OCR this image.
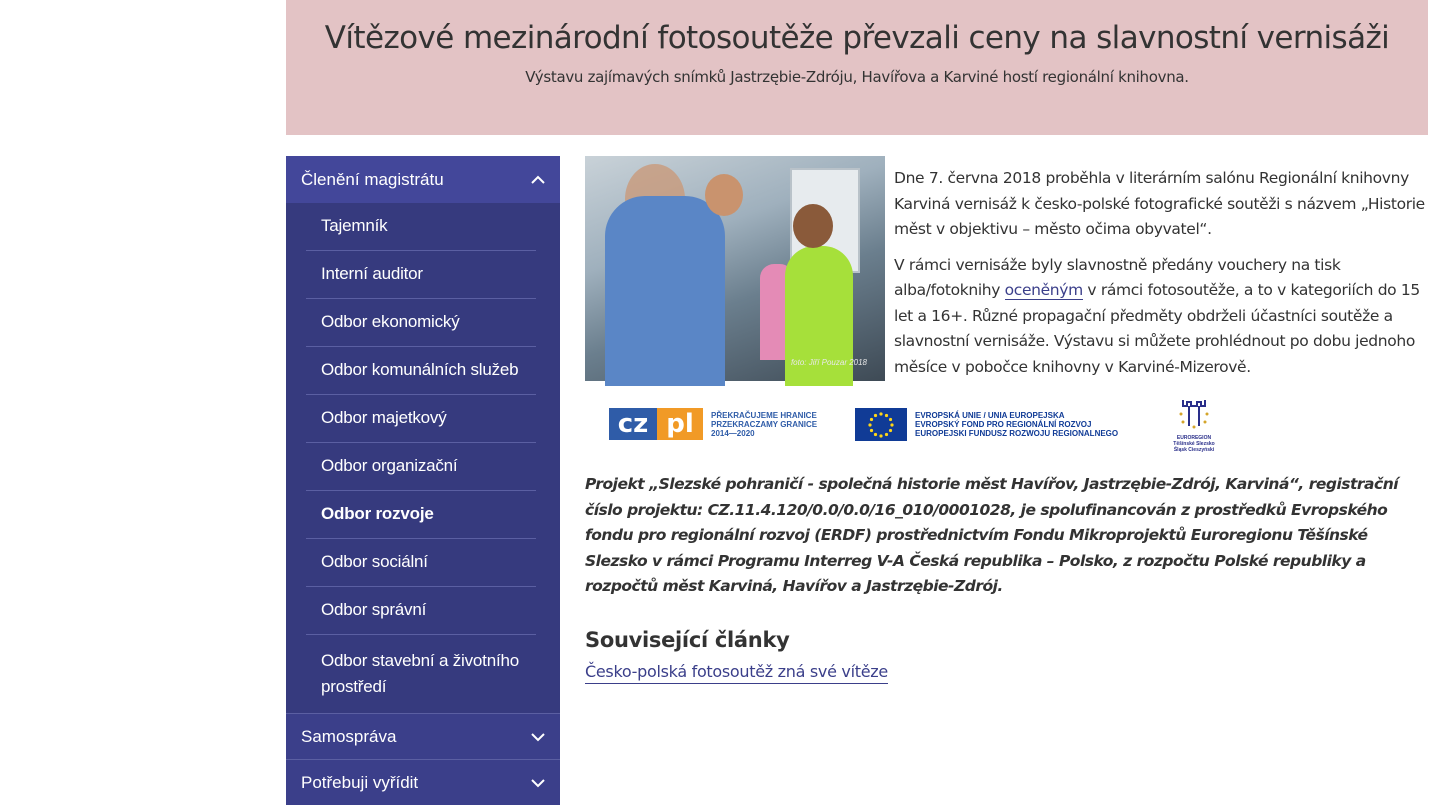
Vítězové mezinárodní fotosoutěže převzali ceny na slavnostní vernisáži

Výstavu zajímavých snímků Jastrzębie-Zdróju, Havířova a Karviné hostí regionální knihovna.

Členění magistrátu
Tajemník
Interní auditor
Odbor ekonomický
Odbor komunálních služeb
Odbor majetkový
Odbor organizační
Odbor rozvoje
Odbor sociální
Odbor správní
Odbor stavební a životního prostředí
Samospráva
Potřebuji vyřídit
foto: Jiří Pouzar 2018

Dne 7. června 2018 proběhla v literárním salónu Regionální knihovny Karviná vernisáž k česko-polské fotografické soutěži s názvem „Historie měst v objektivu – město očima obyvatel“.

V rámci vernisáže byly slavnostně předány vouchery na tisk alba/fotoknihy oceněným v rámci fotosoutěže, a to v kategoriích do 15 let a 16+. Různé propagační předměty obdrželi účastníci soutěže a slavnostní vernisáže. Výstavu si můžete prohlédnout po dobu jednoho měsíce v pobočce knihovny v Karviné-Mizerově.

cz pl	PŘEKRAČUJEME HRANICE
PRZEKRACZAMY GRANICE
2014—2020
EVROPSKÁ UNIE / UNIA EUROPEJSKA
EVROPSKÝ FOND PRO REGIONÁLNÍ ROZVOJ
EUROPEJSKI FUNDUSZ ROZWOJU REGIONALNEGO	EUROREGION
Těšínské Slezsko
Śląsk Cieszyński

Projekt „Slezské pohraničí - společná historie měst Havířov, Jastrzębie-Zdrój, Karviná“, registrační číslo projektu: CZ.11.4.120/0.0/0.0/16_010/0001028, je spolufinancován z prostředků Evropského fondu pro regionální rozvoj (ERDF) prostřednictvím Fondu Mikroprojektů Euroregionu Těšínské Slezsko v rámci Programu Interreg V-A Česká republika – Polsko, z rozpočtu Polské republiky a rozpočtů měst Karviná, Havířov a Jastrzębie-Zdrój.

Související články
Česko-polská fotosoutěž zná své vítěze
